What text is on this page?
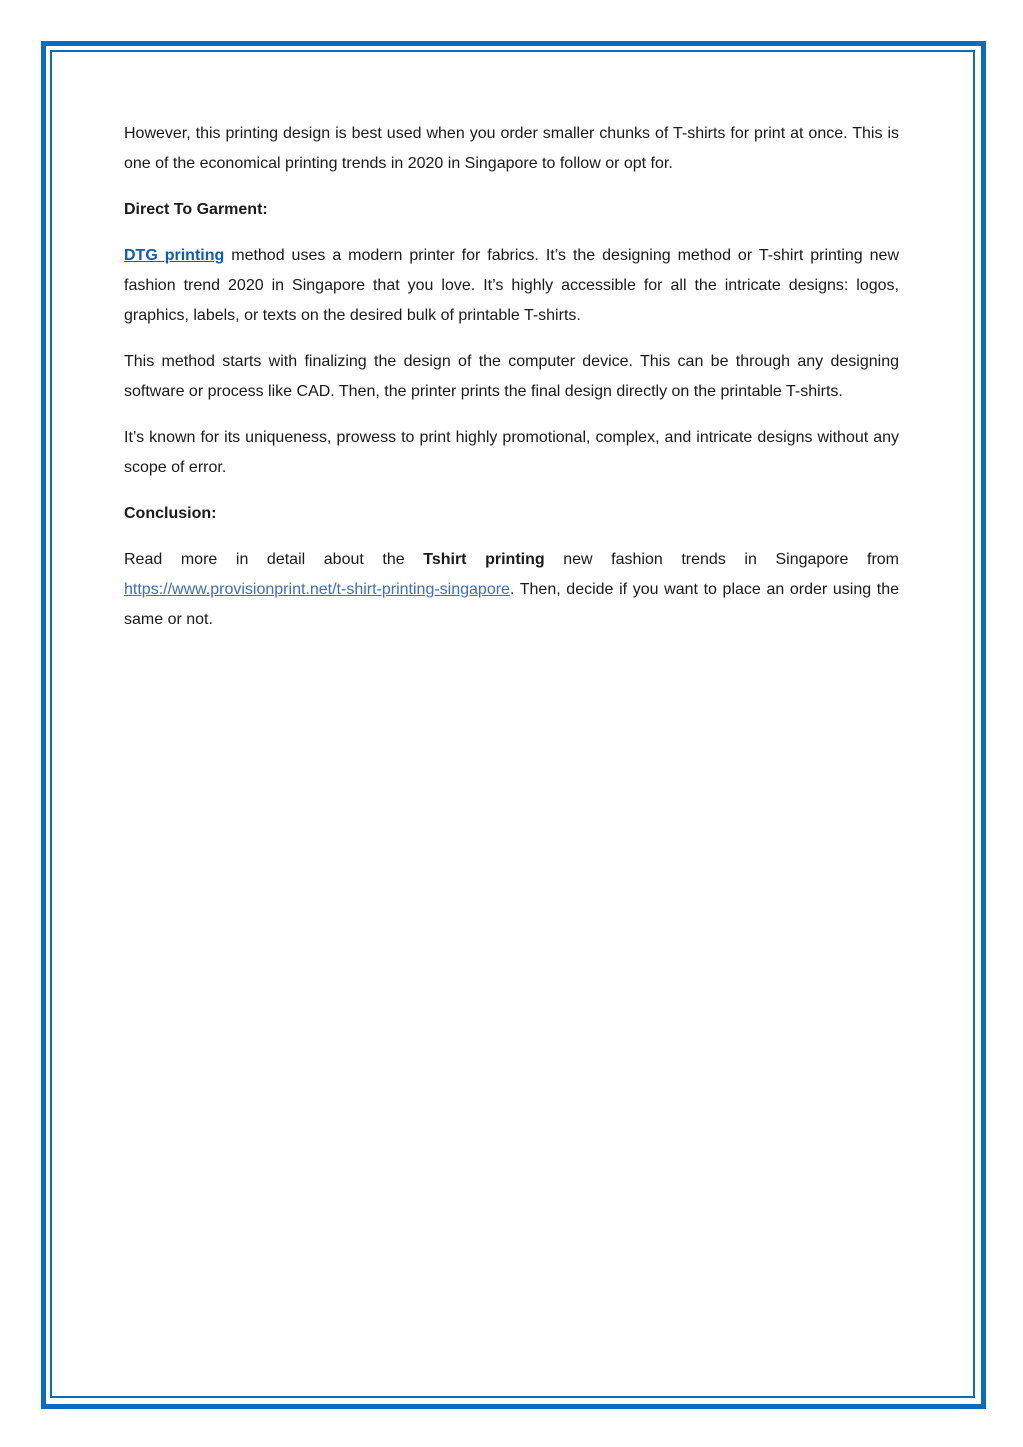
However, this printing design is best used when you order smaller chunks of T-shirts for print at once. This is one of the economical printing trends in 2020 in Singapore to follow or opt for.

Direct To Garment:

DTG printing method uses a modern printer for fabrics. It’s the designing method or T-shirt printing new fashion trend 2020 in Singapore that you love. It’s highly accessible for all the intricate designs: logos, graphics, labels, or texts on the desired bulk of printable T-shirts.

This method starts with finalizing the design of the computer device. This can be through any designing software or process like CAD. Then, the printer prints the final design directly on the printable T-shirts.

It’s known for its uniqueness, prowess to print highly promotional, complex, and intricate designs without any scope of error.

Conclusion:

Read more in detail about the Tshirt printing new fashion trends in Singapore from https://www.provisionprint.net/t-shirt-printing-singapore. Then, decide if you want to place an order using the same or not.
